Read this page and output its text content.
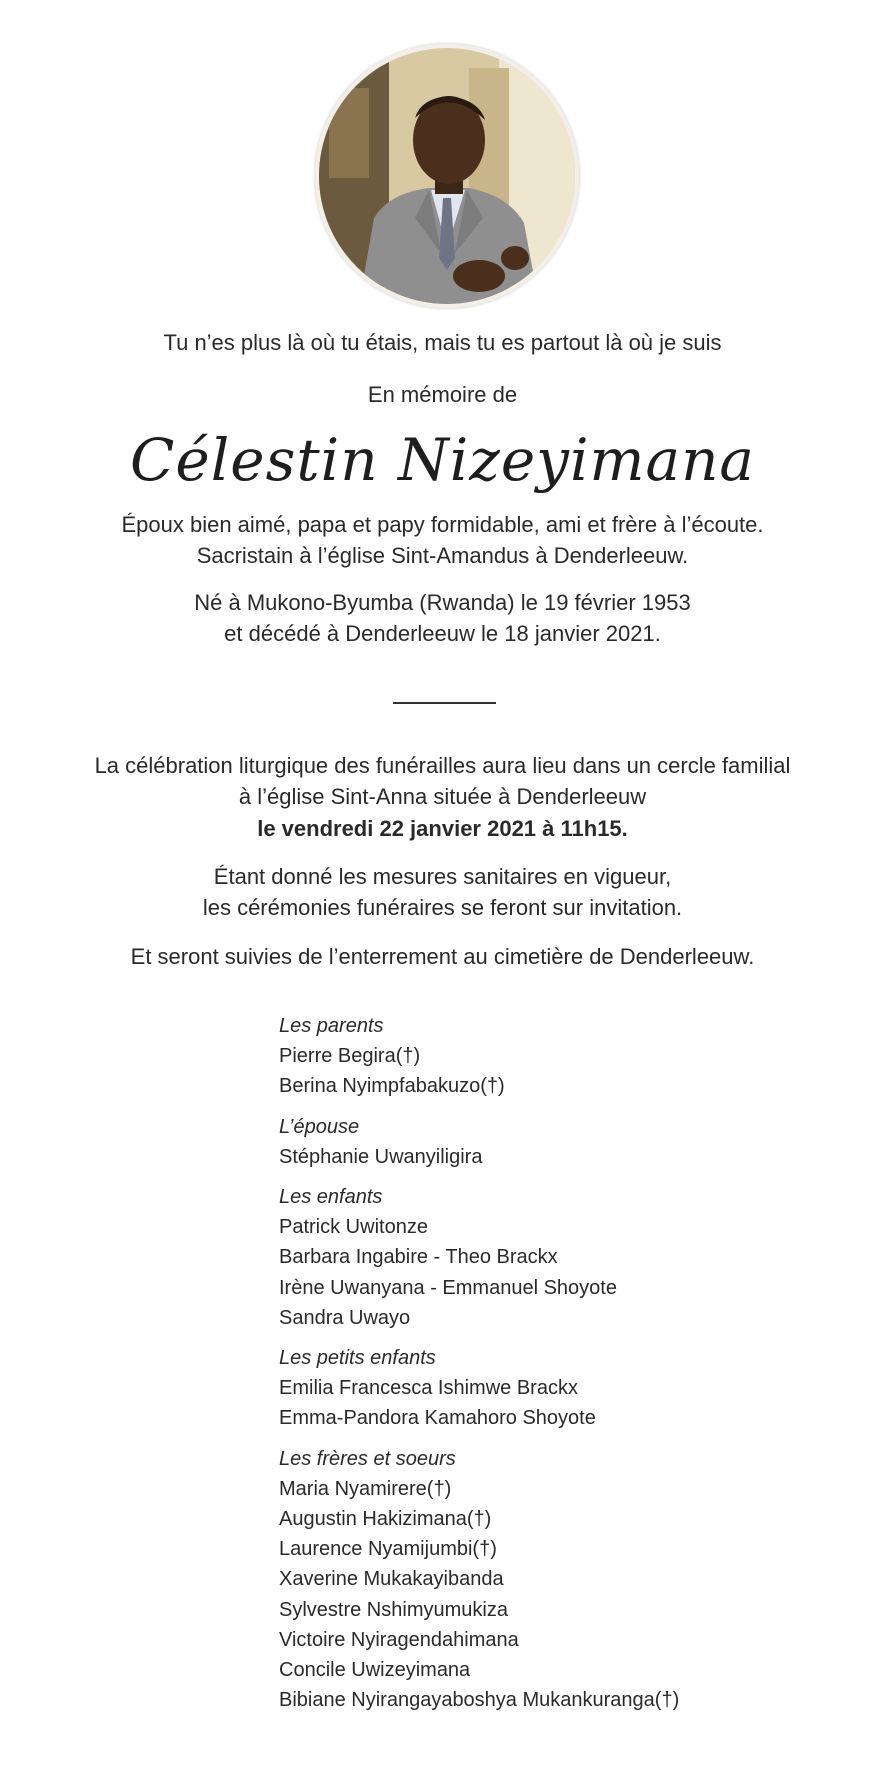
Tu n’es plus là où tu étais, mais tu es partout là où je suis

En mémoire de

Célestin Nizeyimana

Époux bien aimé, papa et papy formidable, ami et frère à l’écoute.

Sacristain à l’église Sint-Amandus à Denderleeuw.

Né à Mukono-Byumba (Rwanda) le 19 février 1953

et décédé à Denderleeuw le 18 janvier 2021.

La célébration liturgique des funérailles aura lieu dans un cercle familial

à l’église Sint-Anna située à Denderleeuw

le vendredi 22 janvier 2021 à 11h15.

Étant donné les mesures sanitaires en vigueur,

les cérémonies funéraires se feront sur invitation.

Et seront suivies de l’enterrement au cimetière de Denderleeuw.

Les parents
Pierre Begira(†)
Berina Nyimpfabakuzo(†)
L’épouse
Stéphanie Uwanyiligira
Les enfants
Patrick Uwitonze
Barbara Ingabire - Theo Brackx
Irène Uwanyana - Emmanuel Shoyote
Sandra Uwayo
Les petits enfants
Emilia Francesca Ishimwe Brackx
Emma-Pandora Kamahoro Shoyote
Les frères et soeurs
Maria Nyamirere(†)
Augustin Hakizimana(†)
Laurence Nyamijumbi(†)
Xaverine Mukakayibanda
Sylvestre Nshimyumukiza
Victoire Nyiragendahimana
Concile Uwizeyimana
Bibiane Nyirangayaboshya Mukankuranga(†)
